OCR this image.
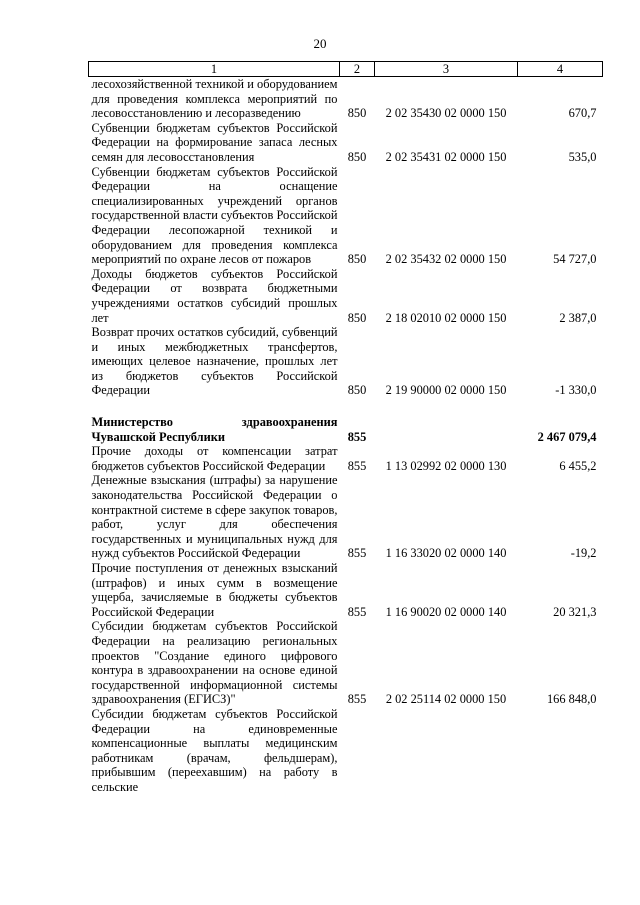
20
1	2	3	4
лесохозяйственной техникой и оборудованием для проведения комплекса мероприятий по лесовосстановлению и лесоразведению	850	2 02 35430 02 0000 150	670,7
Субвенции бюджетам субъектов Российской Федерации на формирование запаса лесных семян для лесовосстановления	850	2 02 35431 02 0000 150	535,0
Субвенции бюджетам субъектов Российской Федерации на оснащение специализированных учреждений органов государственной власти субъектов Российской Федерации лесопожарной техникой и оборудованием для проведения комплекса мероприятий по охране лесов от пожаров	850	2 02 35432 02 0000 150	54 727,0
Доходы бюджетов субъектов Российской Федерации от возврата бюджетными учреждениями остатков субсидий прошлых лет	850	2 18 02010 02 0000 150	2 387,0
Возврат прочих остатков субсидий, субвенций и иных межбюджетных трансфертов, имеющих целевое назначение, прошлых лет из бюджетов субъектов Российской Федерации	850	2 19 90000 02 0000 150	-1 330,0

Министерство здравоохранения Чувашской Республики	855		2 467 079,4
Прочие доходы от компенсации затрат бюджетов субъектов Российской Федерации	855	1 13 02992 02 0000 130	6 455,2
Денежные взыскания (штрафы) за нарушение законодательства Российской Федерации о контрактной системе в сфере закупок товаров, работ, услуг для обеспечения государственных и муниципальных нужд для нужд субъектов Российской Федерации	855	1 16 33020 02 0000 140	-19,2
Прочие поступления от денежных взысканий (штрафов) и иных сумм в возмещение ущерба, зачисляемые в бюджеты субъектов Российской Федерации	855	1 16 90020 02 0000 140	20 321,3
Субсидии бюджетам субъектов Российской Федерации на реализацию региональных проектов "Создание единого цифрового контура в здравоохранении на основе единой государственной информационной системы здравоохранения (ЕГИСЗ)"	855	2 02 25114 02 0000 150	166 848,0
Субсидии бюджетам субъектов Российской Федерации на единовременные компенсационные выплаты медицинским работникам (врачам, фельдшерам), прибывшим (переехавшим) на работу в сельские			
